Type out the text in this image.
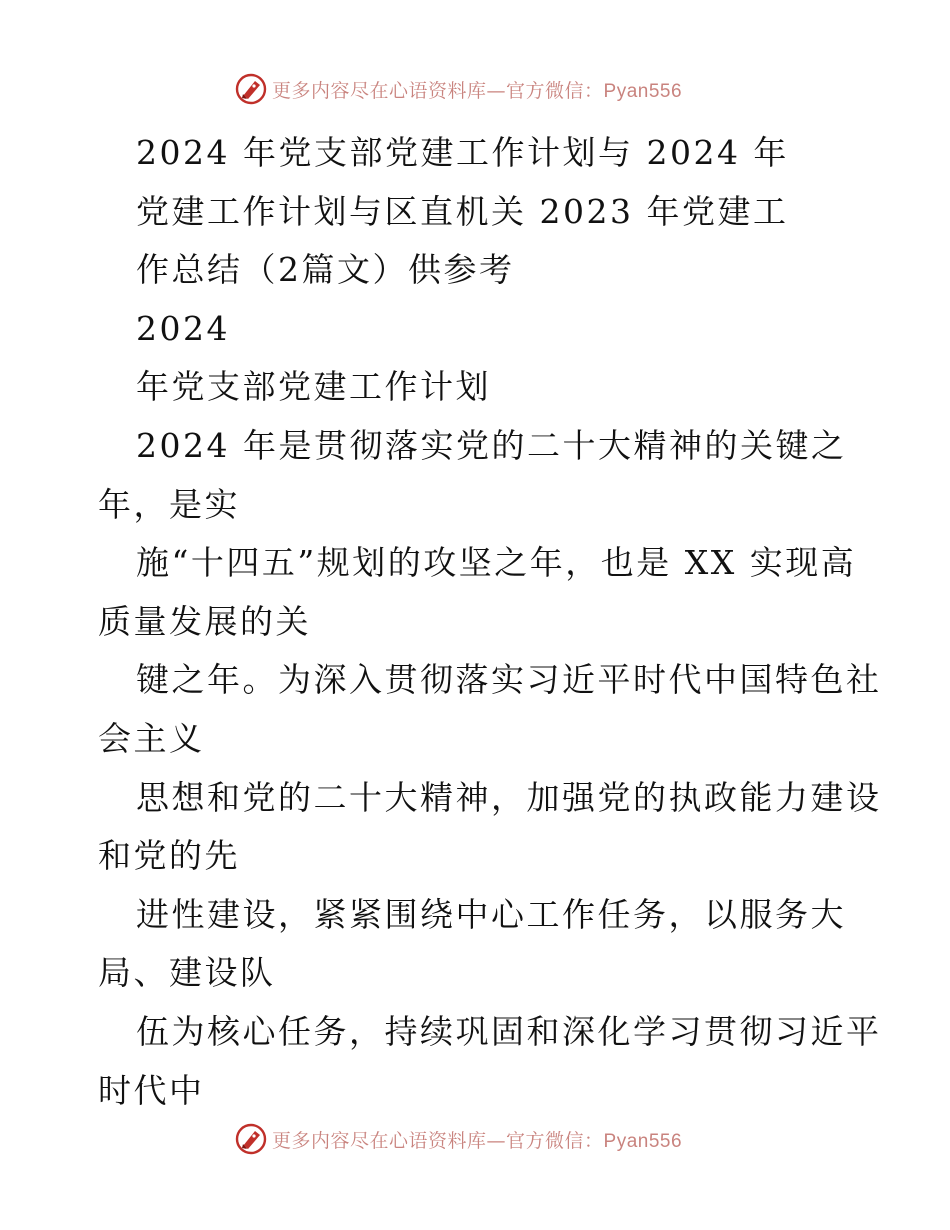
更多内容尽在心语资料库—官方微信：Pyan556
2024 年党支部党建工作计划与 2024 年
党建工作计划与区直机关 2023 年党建工
作总结（2篇文）供参考
2024
年党支部党建工作计划
2024 年是贯彻落实党的二十大精神的关键之
年，是实
施“十四五”规划的攻坚之年，也是 XX 实现高
质量发展的关
键之年。为深入贯彻落实习近平时代中国特色社
会主义
思想和党的二十大精神，加强党的执政能力建设
和党的先
进性建设，紧紧围绕中心工作任务，以服务大
局、建设队
伍为核心任务，持续巩固和深化学习贯彻习近平
时代中
更多内容尽在心语资料库—官方微信：Pyan556
